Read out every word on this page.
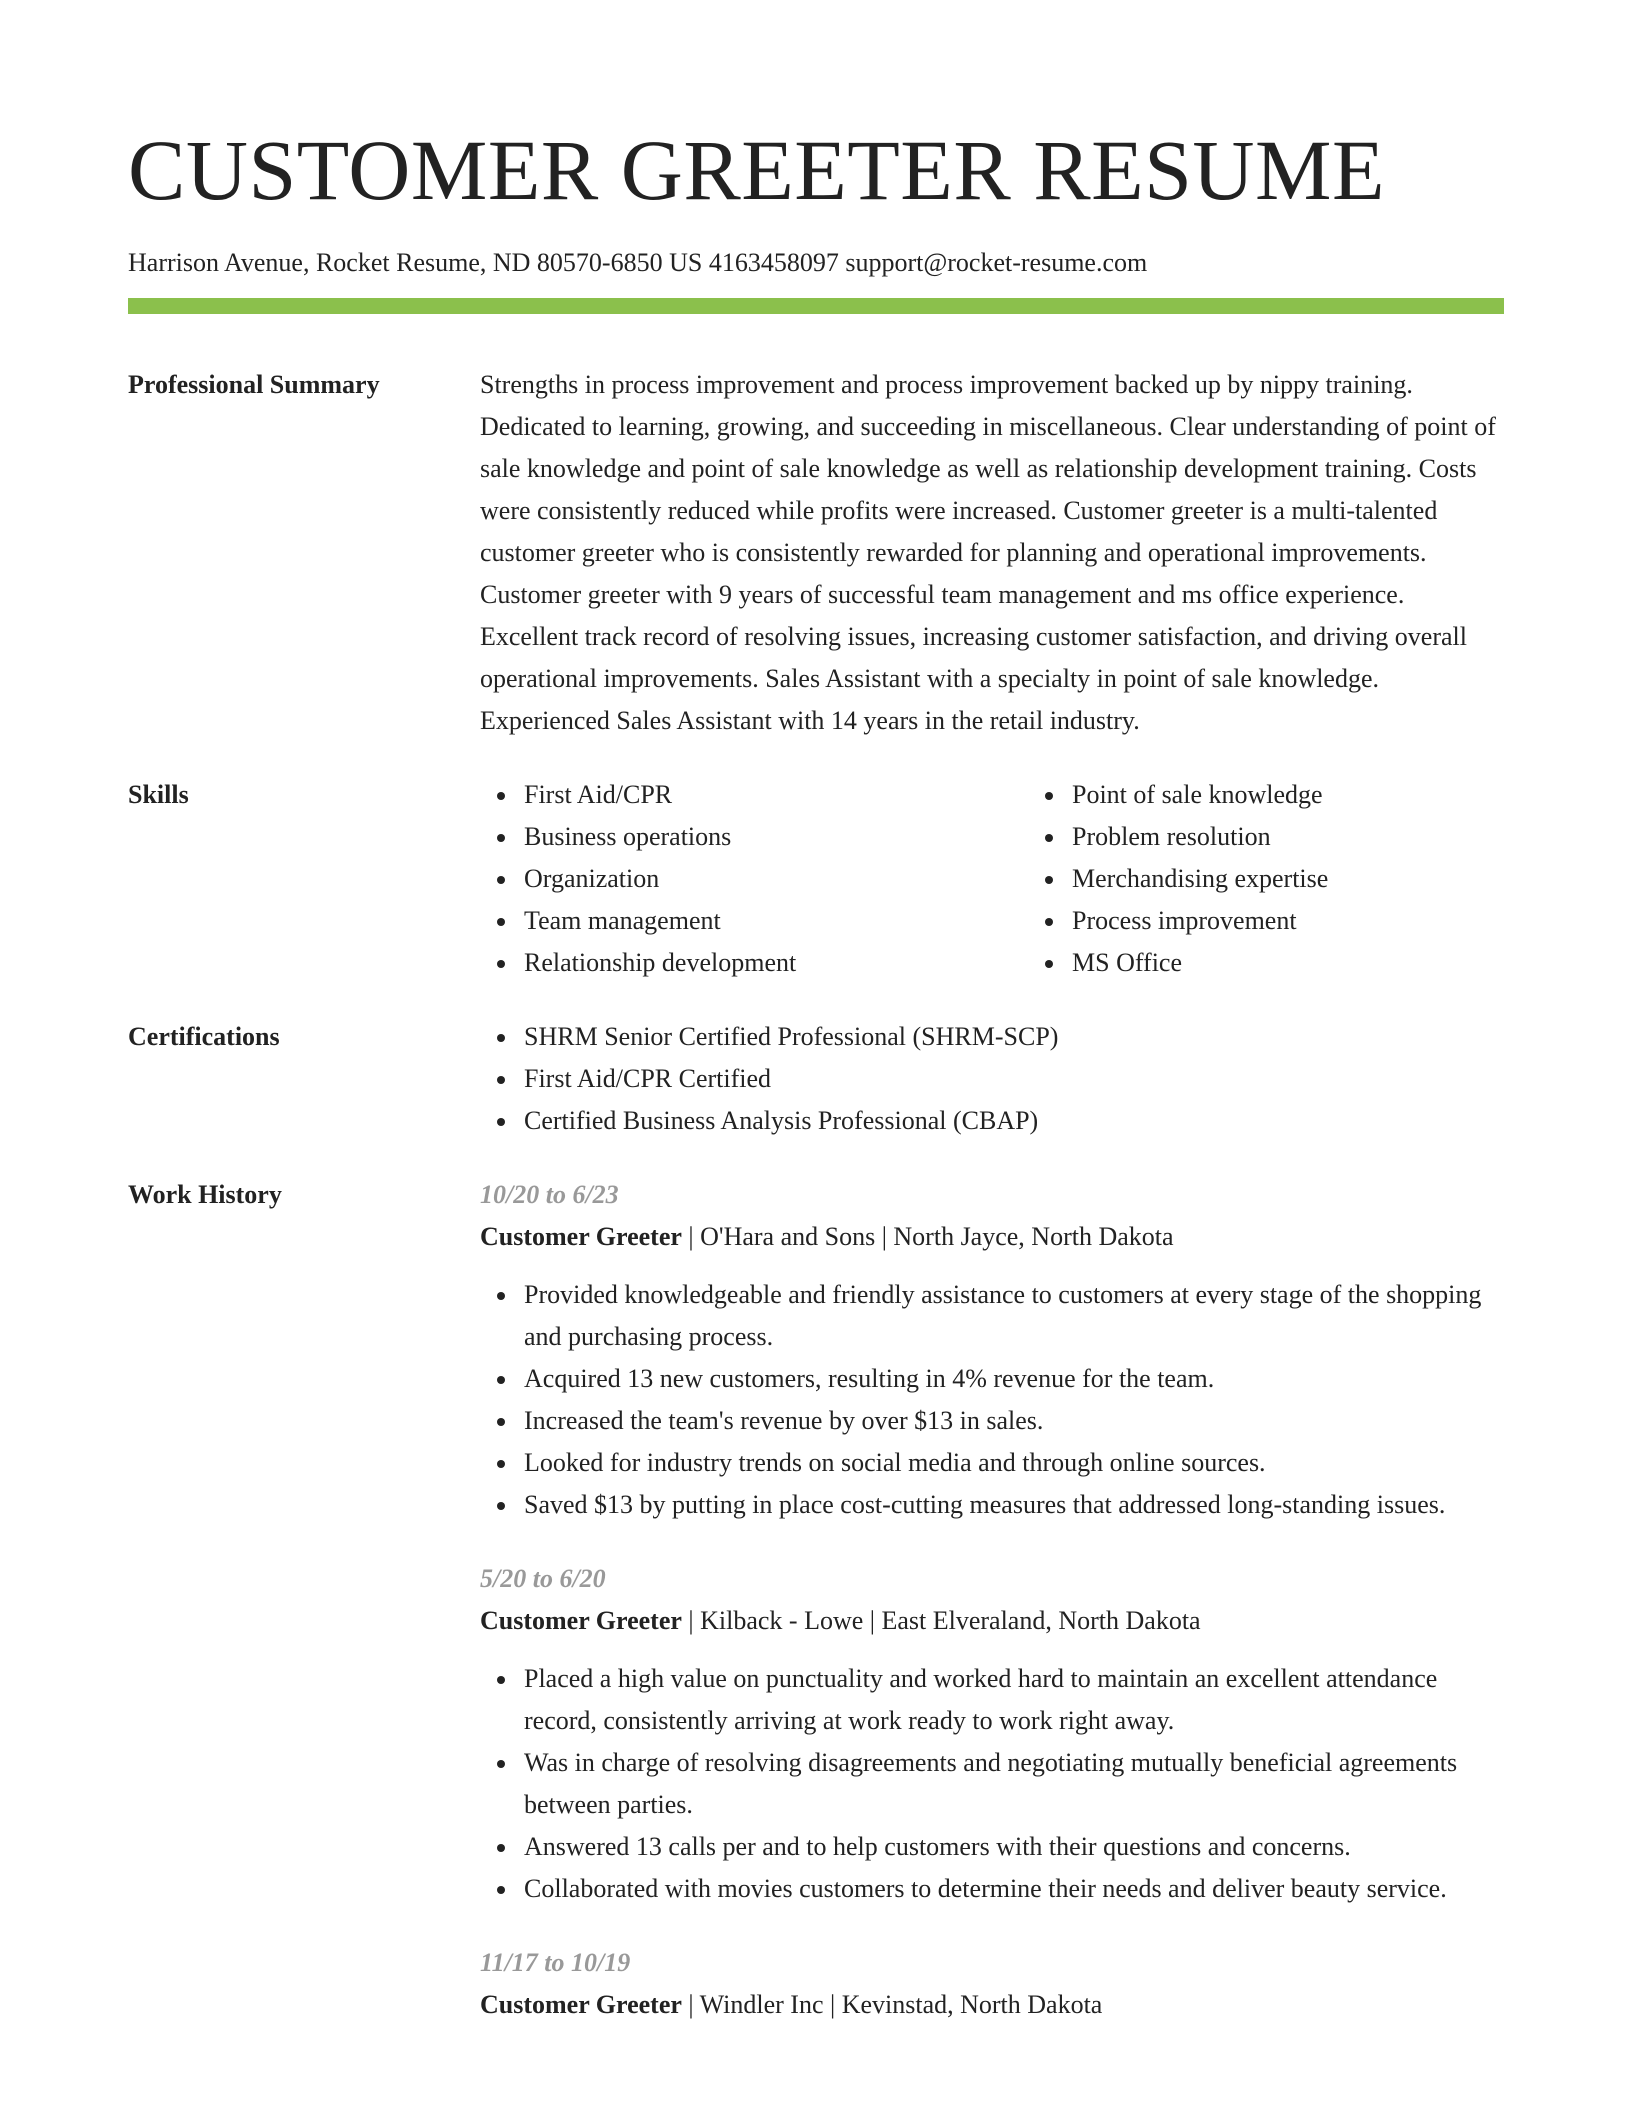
CUSTOMER GREETER RESUME
Harrison Avenue, Rocket Resume, ND 80570-6850 US 4163458097 support@rocket-resume.com
Professional Summary	Strengths in process improvement and process improvement backed up by nippy training. Dedicated to learning, growing, and succeeding in miscellaneous. Clear understanding of point of sale knowledge and point of sale knowledge as well as relationship development training. Costs were consistently reduced while profits were increased. Customer greeter is a multi-talented customer greeter who is consistently rewarded for planning and operational improvements. Customer greeter with 9 years of successful team management and ms office experience. Excellent track record of resolving issues, increasing customer satisfaction, and driving overall operational improvements. Sales Assistant with a specialty in point of sale knowledge. Experienced Sales Assistant with 14 years in the retail industry.

Skills	First Aid/CPR
Business operations
Organization
Team management
Relationship development
Point of sale knowledge
Problem resolution
Merchandising expertise
Process improvement
MS Office
Certifications	SHRM Senior Certified Professional (SHRM-SCP)
First Aid/CPR Certified
Certified Business Analysis Professional (CBAP)
Work History	10/20 to 6/23
Customer Greeter | O'Hara and Sons | North Jayce, North Dakota
Provided knowledgeable and friendly assistance to customers at every stage of the shopping and purchasing process.
Acquired 13 new customers, resulting in 4% revenue for the team.
Increased the team's revenue by over $13 in sales.
Looked for industry trends on social media and through online sources.
Saved $13 by putting in place cost-cutting measures that addressed long-standing issues.
5/20 to 6/20
Customer Greeter | Kilback - Lowe | East Elveraland, North Dakota
Placed a high value on punctuality and worked hard to maintain an excellent attendance record, consistently arriving at work ready to work right away.
Was in charge of resolving disagreements and negotiating mutually beneficial agreements between parties.
Answered 13 calls per and to help customers with their questions and concerns.
Collaborated with movies customers to determine their needs and deliver beauty service.
11/17 to 10/19
Customer Greeter | Windler Inc | Kevinstad, North Dakota
